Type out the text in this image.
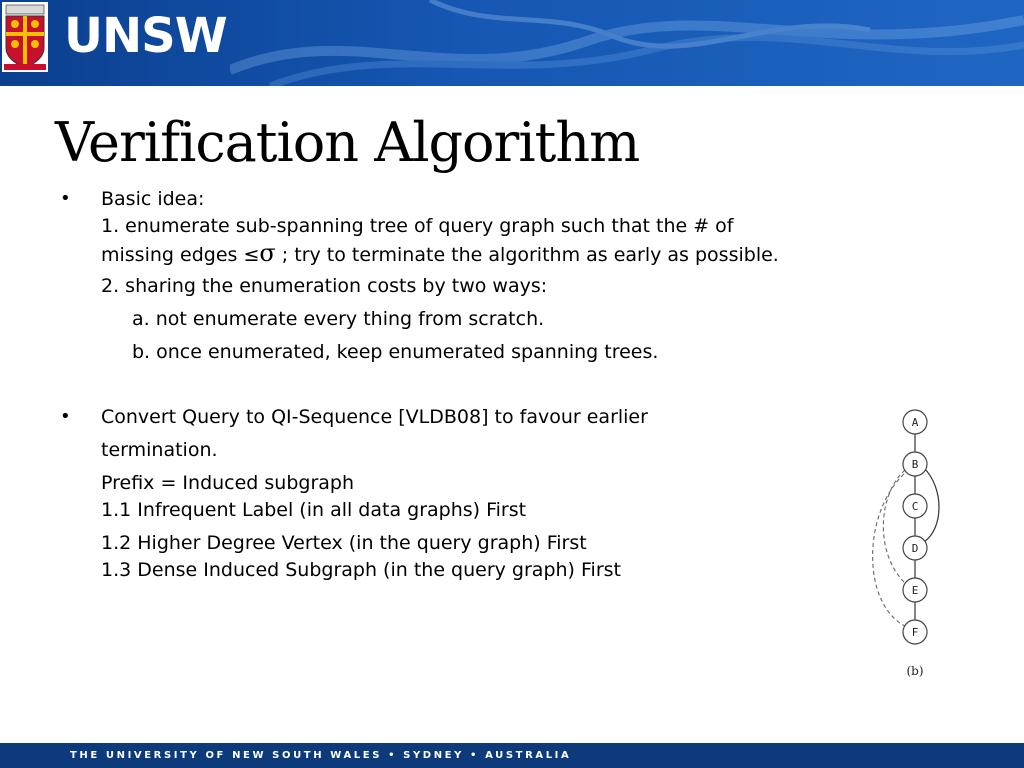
UNSW
Verification Algorithm
• Basic idea:

1. enumerate sub-spanning tree of query graph such that the # of

missing edges ≤σ ; try to terminate the algorithm as early as possible.

2. sharing the enumeration costs by two ways:

a. not enumerate every thing from scratch.

b. once enumerated, keep enumerated spanning trees.

• Convert Query to QI-Sequence [VLDB08] to favour earlier

termination.

Prefix = Induced subgraph

1.1 Infrequent Label (in all data graphs) First

1.2 Higher Degree Vertex (in the query graph) First

1.3 Dense Induced Subgraph (in the query graph) First

A
B
C
D
E
F
(b)
THE UNIVERSITY OF NEW SOUTH WALES • SYDNEY • AUSTRALIA
